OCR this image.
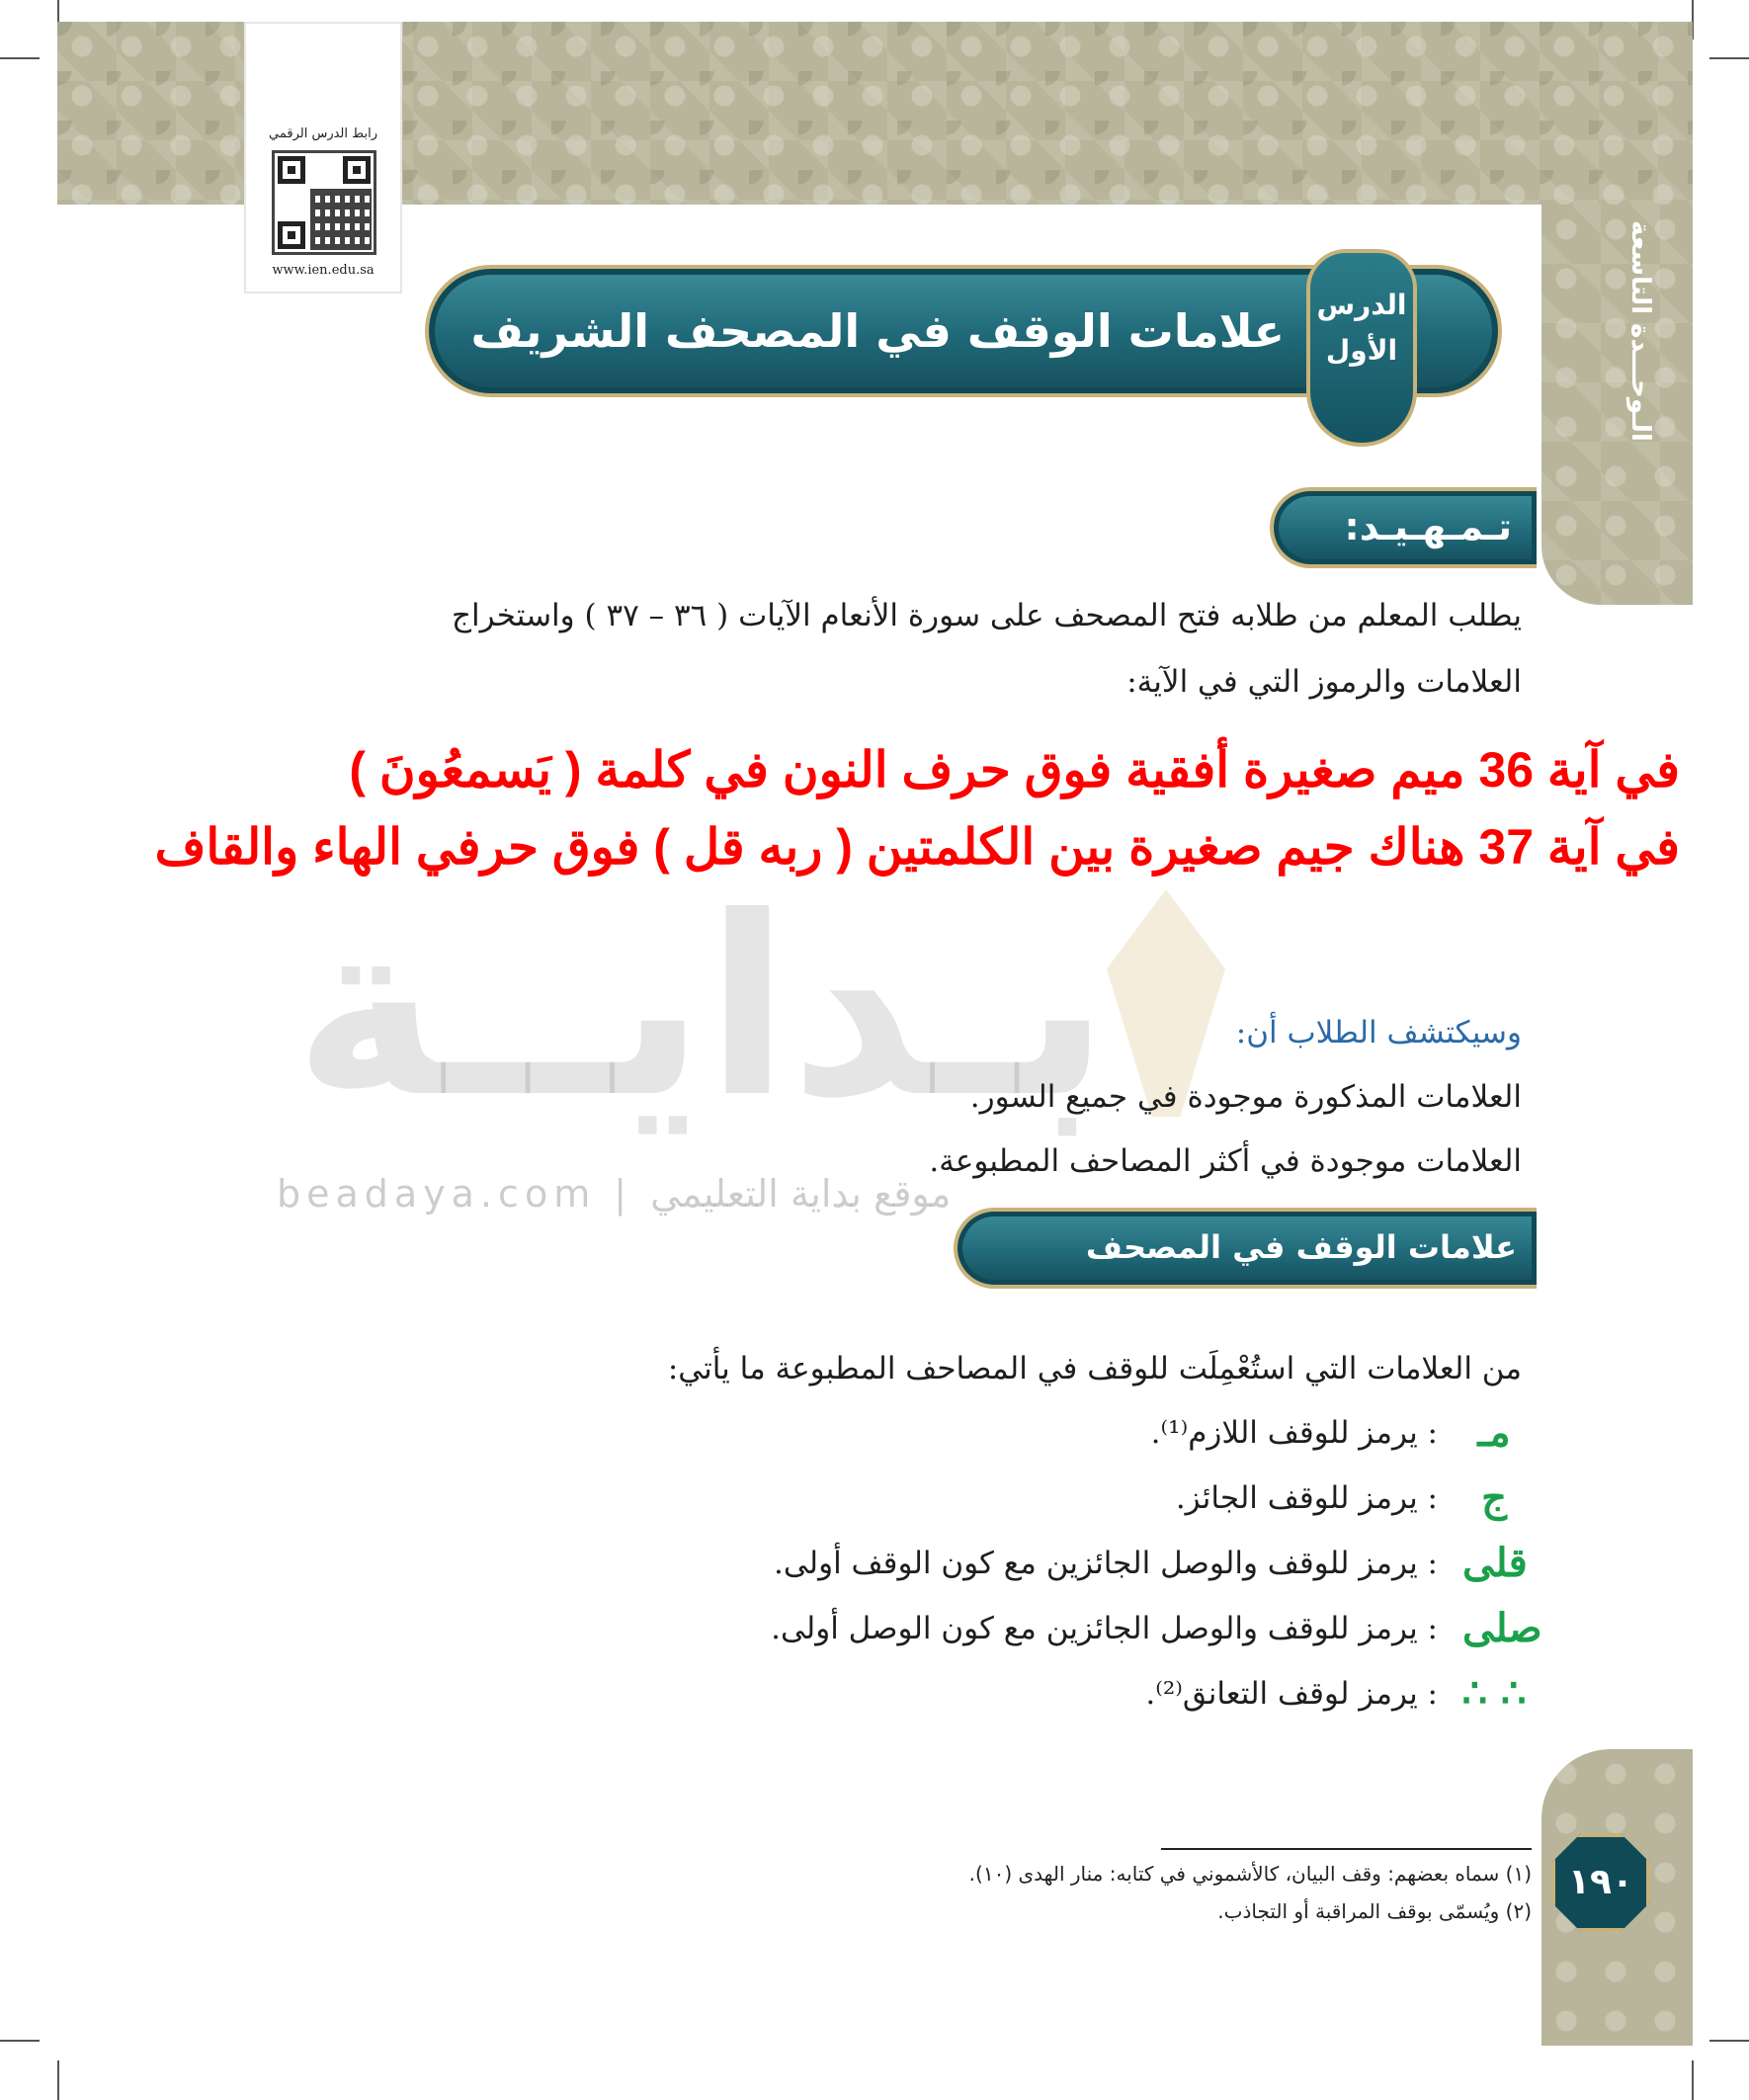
الـوحـــدة التاسعة
رابط الدرس الرقمي
www.ien.edu.sa
علامات الوقف في المصحف الشريف الدرس
الأول
تـمـهـيـد:
يطلب المعلم من طلابه فتح المصحف على سورة الأنعام الآيات ( ٣٦ – ٣٧ ) واستخراج
العلامات والرموز التي في الآية:
في آية 36 ميم صغيرة أفقية فوق حرف النون في كلمة ( يَسمعُونَ )
في آية 37 هناك جيم صغيرة بين الكلمتين ( ربه قل ) فوق حرفي الهاء والقاف
بـدايــة
beadaya.com | موقع بداية التعليمي
وسيكتشف الطلاب أن:
العلامات المذكورة موجودة في جميع السور.
العلامات موجودة في أكثر المصاحف المطبوعة.
علامات الوقف في المصحف الشريف:
من العلامات التي استُعْمِلَت للوقف في المصاحف المطبوعة ما يأتي:
مـ
: يرمز للوقف اللازم⁽¹⁾.
ج
: يرمز للوقف الجائز.
قلى
: يرمز للوقف والوصل الجائزين مع كون الوقف أولى.
صلى
: يرمز للوقف والوصل الجائزين مع كون الوصل أولى.
∴ ∴
: يرمز لوقف التعانق⁽²⁾.
(١) سماه بعضهم: وقف البيان، كالأشموني في كتابه: منار الهدى (١٠).
(٢) ويُسمّى بوقف المراقبة أو التجاذب.
١٩٠
